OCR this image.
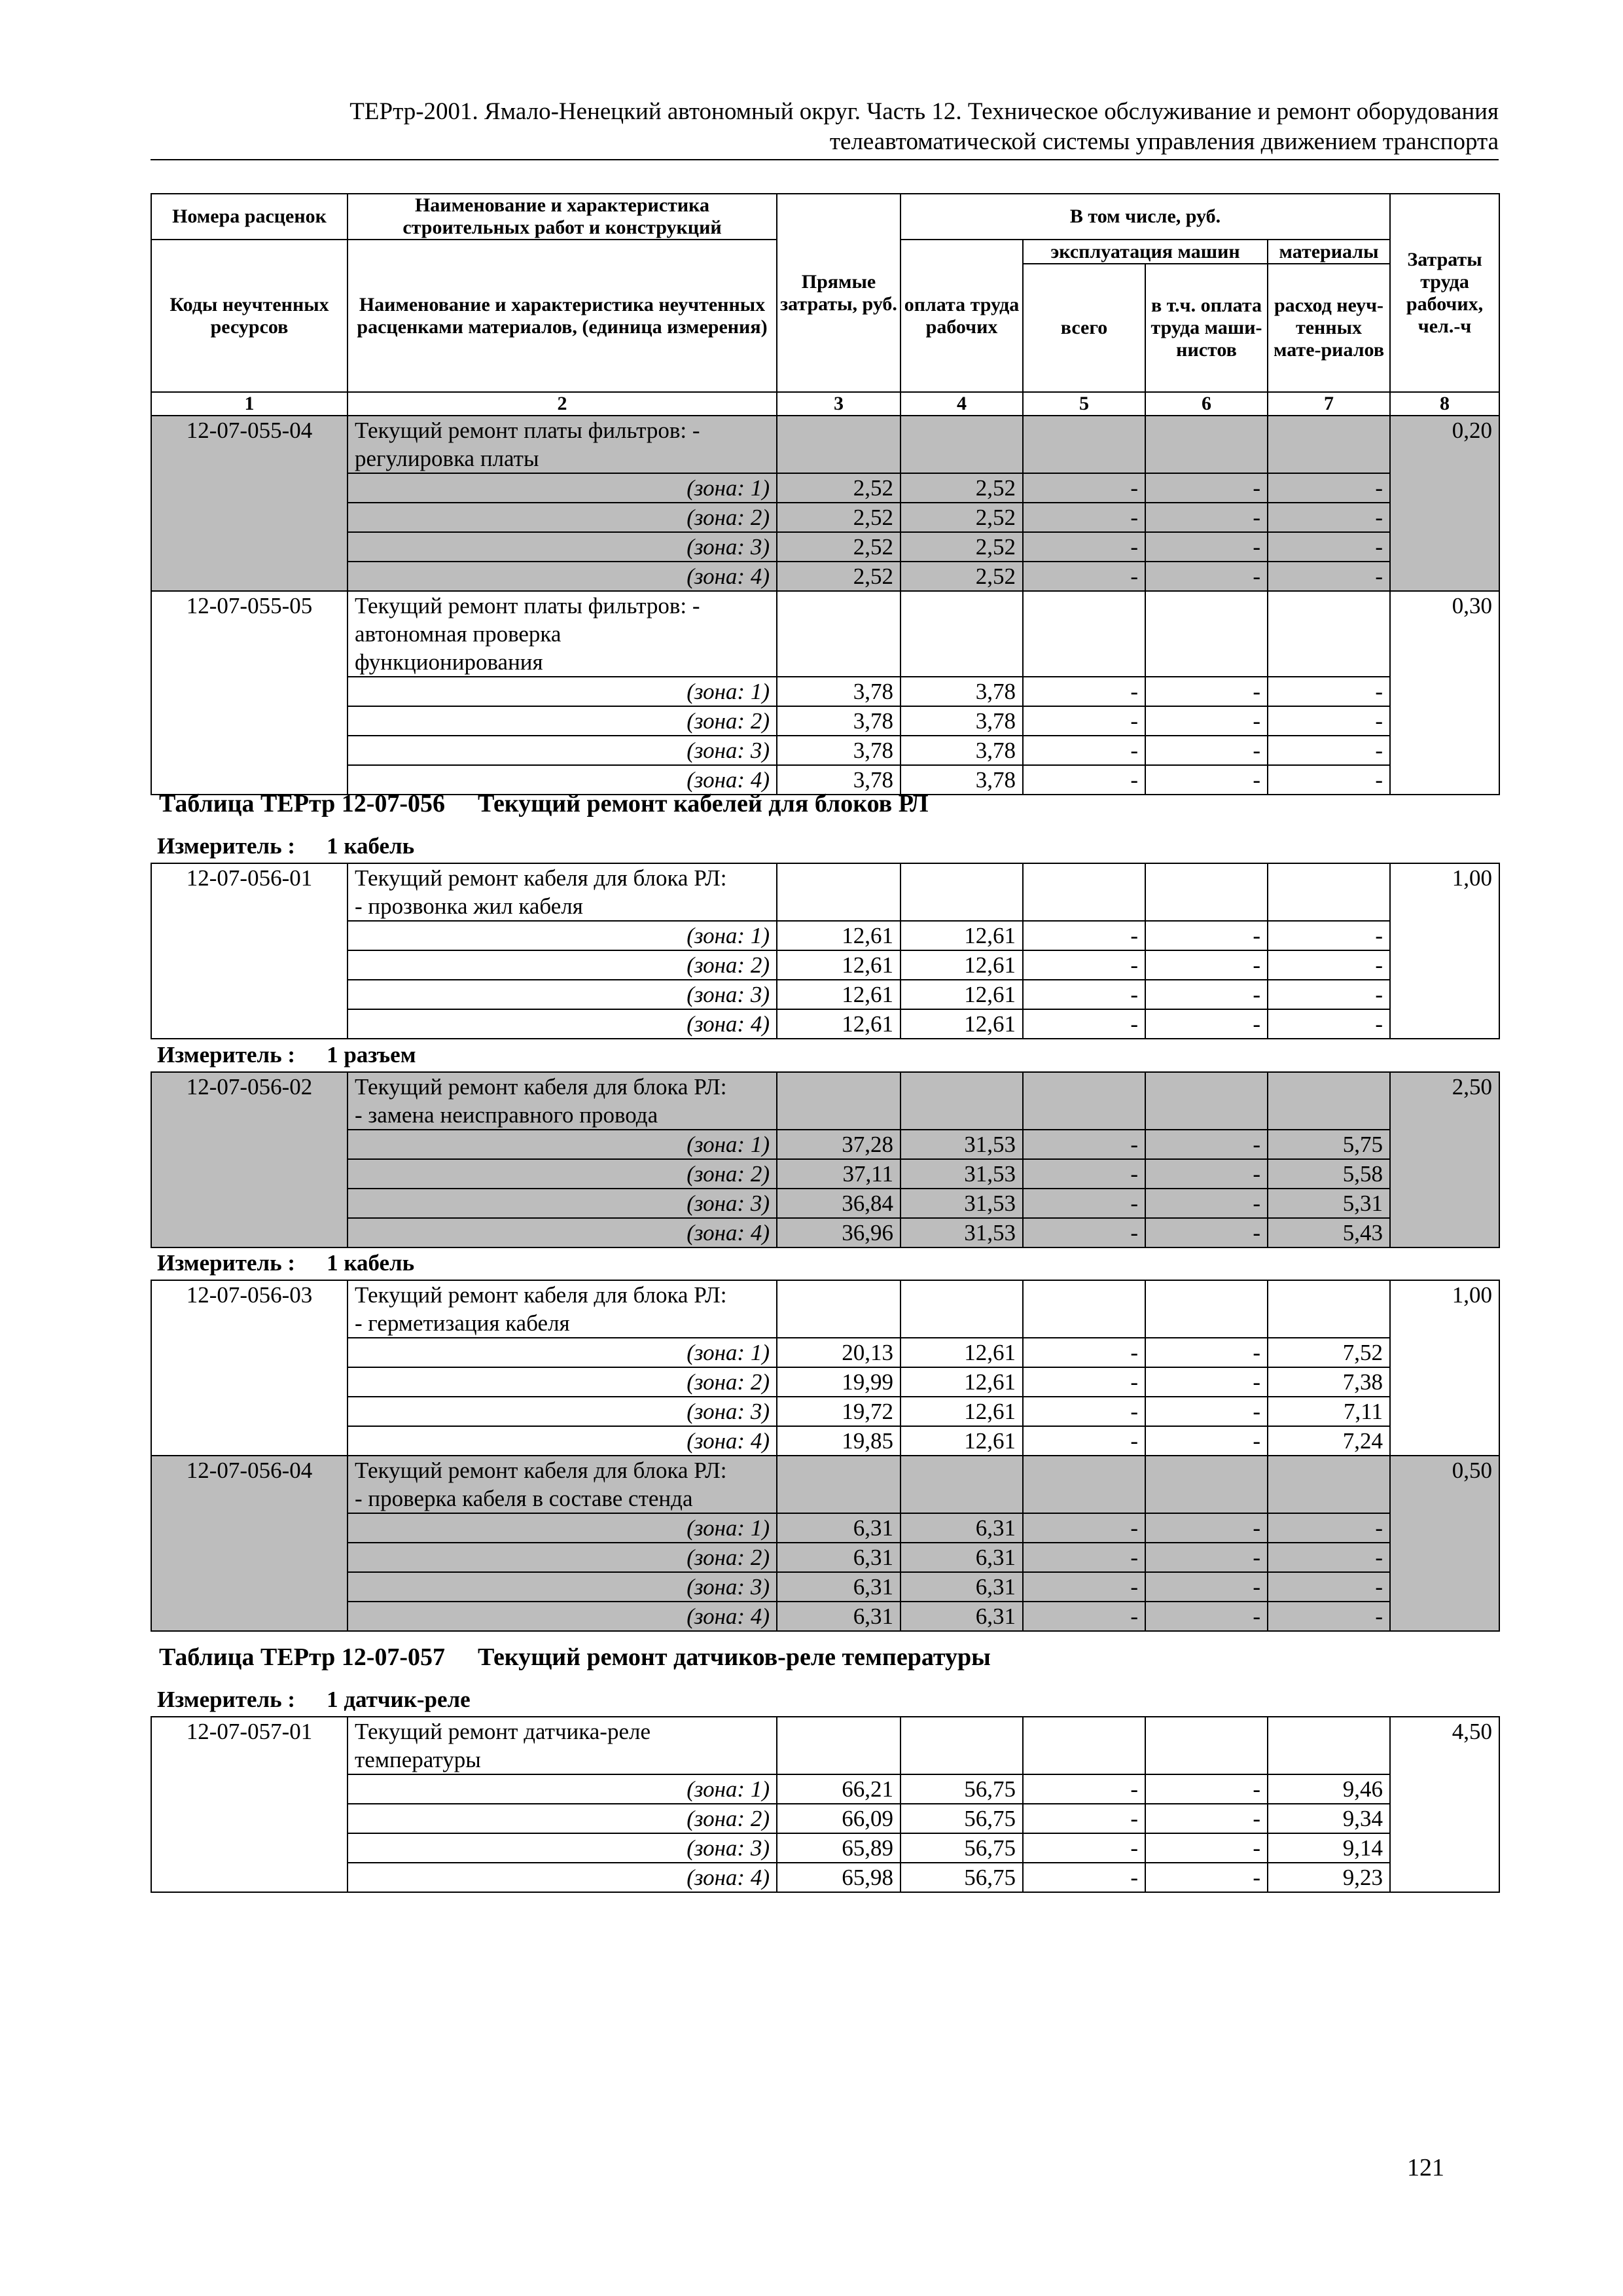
ТЕРтр-2001. Ямало-Ненецкий автономный округ. Часть 12. Техническое обслуживание и ремонт оборудования
телеавтоматической системы управления движением транспорта
Номера расценок	Наименование и характеристика строительных работ и конструкций	Прямые затраты, руб.	В том числе, руб.				Затраты труда рабочих, чел.-ч
Коды неучтенных ресурсов	Наименование и характеристика неучтенных расценками материалов, (единица измерения)		оплата труда рабочих	эксплуатация машин		материалы	
				всего	в т.ч. оплата труда маши-нистов	расход неуч-тенных мате-риалов	
1	2	3	4	5	6	7	8
12-07-055-04	Текущий ремонт платы фильтров: -
регулировка платы						0,20
	(зона: 1)	2,52	2,52	-	-	-	
	(зона: 2)	2,52	2,52	-	-	-	
	(зона: 3)	2,52	2,52	-	-	-	
	(зона: 4)	2,52	2,52	-	-	-	
12-07-055-05	Текущий ремонт платы фильтров: -
автономная проверка
функционирования						0,30
	(зона: 1)	3,78	3,78	-	-	-	
	(зона: 2)	3,78	3,78	-	-	-	
	(зона: 3)	3,78	3,78	-	-	-	
	(зона: 4)	3,78	3,78	-	-	-	
Таблица ТЕРтр 12-07-056 Текущий ремонт кабелей для блоков РЛ
Измеритель : 1 кабель
12-07-056-01	Текущий ремонт кабеля для блока РЛ:
- прозвонка жил кабеля						1,00
	(зона: 1)	12,61	12,61	-	-	-	
	(зона: 2)	12,61	12,61	-	-	-	
	(зона: 3)	12,61	12,61	-	-	-	
	(зона: 4)	12,61	12,61	-	-	-	
Измеритель : 1 разъем
12-07-056-02	Текущий ремонт кабеля для блока РЛ:
- замена неисправного провода						2,50
	(зона: 1)	37,28	31,53	-	-	5,75	
	(зона: 2)	37,11	31,53	-	-	5,58	
	(зона: 3)	36,84	31,53	-	-	5,31	
	(зона: 4)	36,96	31,53	-	-	5,43	
Измеритель : 1 кабель
12-07-056-03	Текущий ремонт кабеля для блока РЛ:
- герметизация кабеля						1,00
	(зона: 1)	20,13	12,61	-	-	7,52	
	(зона: 2)	19,99	12,61	-	-	7,38	
	(зона: 3)	19,72	12,61	-	-	7,11	
	(зона: 4)	19,85	12,61	-	-	7,24	
12-07-056-04	Текущий ремонт кабеля для блока РЛ:
- проверка кабеля в составе стенда						0,50
	(зона: 1)	6,31	6,31	-	-	-	
	(зона: 2)	6,31	6,31	-	-	-	
	(зона: 3)	6,31	6,31	-	-	-	
	(зона: 4)	6,31	6,31	-	-	-	
Таблица ТЕРтр 12-07-057 Текущий ремонт датчиков-реле температуры
Измеритель : 1 датчик-реле
12-07-057-01	Текущий ремонт датчика-реле
температуры						4,50
	(зона: 1)	66,21	56,75	-	-	9,46	
	(зона: 2)	66,09	56,75	-	-	9,34	
	(зона: 3)	65,89	56,75	-	-	9,14	
	(зона: 4)	65,98	56,75	-	-	9,23	
121
